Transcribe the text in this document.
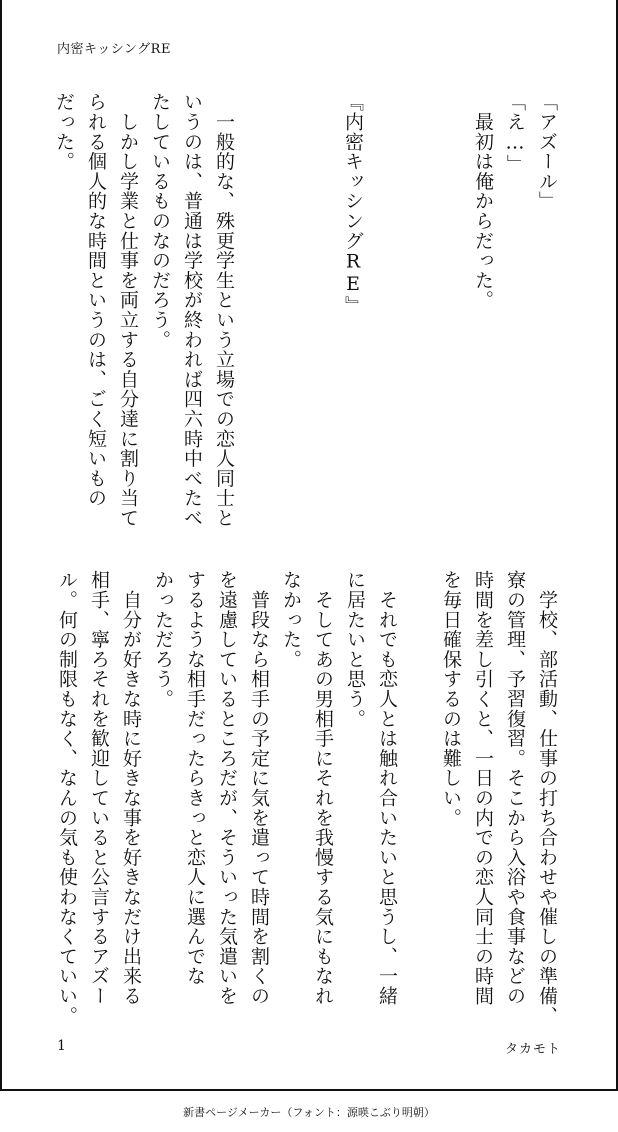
内密キッシングRE
「アズール」
「え…」
　最初は俺からだった。
『内密キッシングRE』
　一般的な、殊更学生という立場での恋人同士と
いうのは、普通は学校が終われば四六時中べたべ
たしているものなのだろう。
　しかし学業と仕事を両立する自分達に割り当て
られる個人的な時間というのは、ごく短いもの
だった。
　学校、部活動、仕事の打ち合わせや催しの準備、
寮の管理、予習復習。そこから入浴や食事などの
時間を差し引くと、一日の内での恋人同士の時間
を毎日確保するのは難しい。
　それでも恋人とは触れ合いたいと思うし、一緒
に居たいと思う。
　そしてあの男相手にそれを我慢する気にもなれ
なかった。
　普段なら相手の予定に気を遣って時間を割くの
を遠慮しているところだが、そういった気遣いを
するような相手だったらきっと恋人に選んでな
かっただろう。
　自分が好きな時に好きな事を好きなだけ出来る
相手、寧ろそれを歓迎していると公言するアズー
ル。何の制限もなく、なんの気も使わなくていい。
1	タカモト
新書ページメーカー（フォント：源暎こぶり明朝）
